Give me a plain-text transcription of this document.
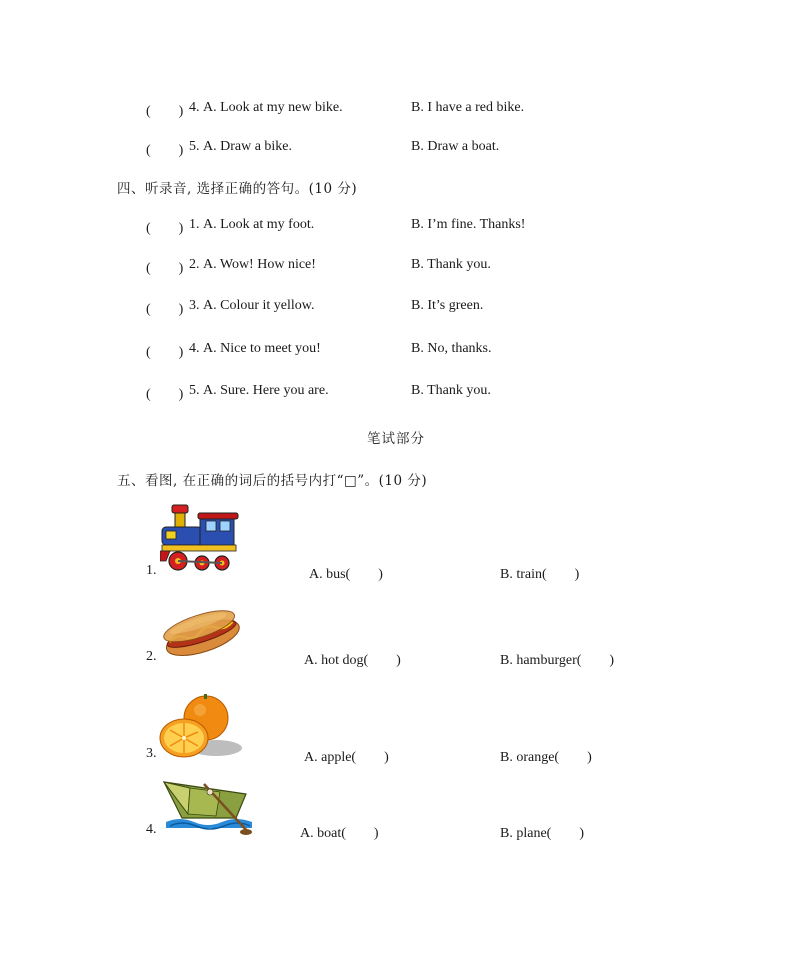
(　　) 4. A. Look at my new bike.	B. I have a red bike.
(　　) 5. A. Draw a bike.	B. Draw a boat.
四、听录音, 选择正确的答句。(10 分)
(　　) 1. A. Look at my foot.	B. I’m fine. Thanks!
(　　) 2. A. Wow! How nice!	B. Thank you.
(　　) 3. A. Colour it yellow.	B. It’s green.
(　　) 4. A. Nice to meet you!	B. No, thanks.
(　　) 5. A. Sure. Here you are.	B. Thank you.
笔试部分
五、看图, 在正确的词后的括号内打“□”。(10 分)
1.	A. bus(　　)	B. train(　　)
2.	A. hot dog(　　)	B. hamburger(　　)
3.	A. apple(　　)	B. orange(　　)
4.	A. boat(　　)	B. plane(　　)
